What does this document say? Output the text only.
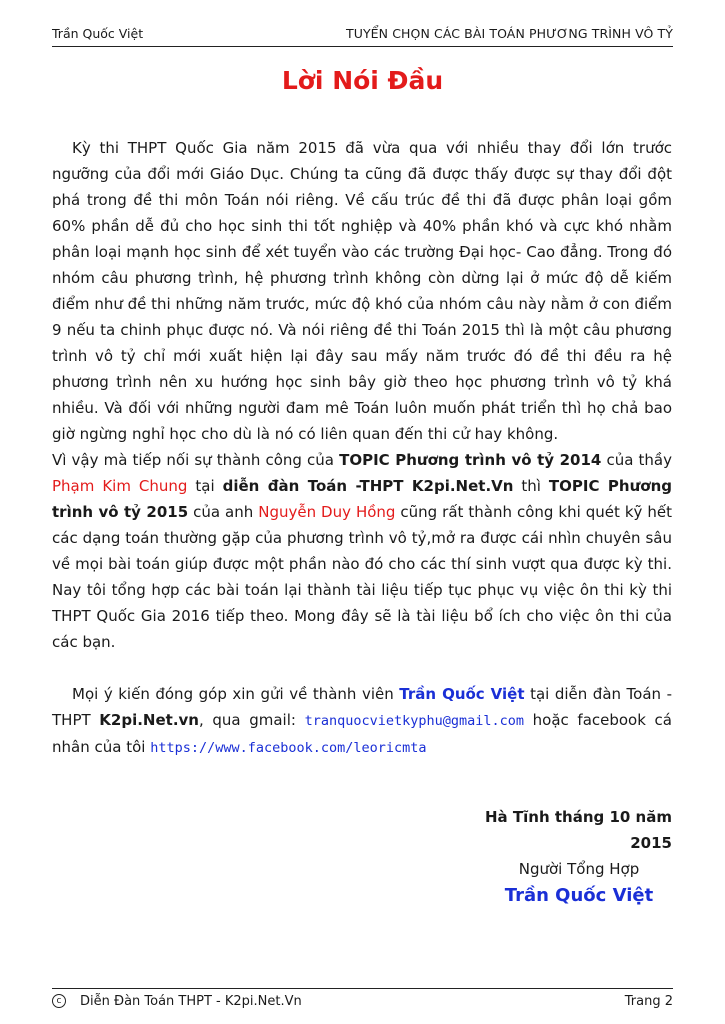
Trần Quốc Việt	TUYỂN CHỌN CÁC BÀI TOÁN PHƯƠNG TRÌNH VÔ TỶ
Lời Nói Đầu

Kỳ thi THPT Quốc Gia năm 2015 đã vừa qua với nhiều thay đổi lớn trước ngưỡng của đổi mới Giáo Dục. Chúng ta cũng đã được thấy được sự thay đổi đột phá trong đề thi môn Toán nói riêng. Về cấu trúc đề thi đã được phân loại gồm 60% phần dễ đủ cho học sinh thi tốt nghiệp và 40% phần khó và cực khó nhằm phân loại mạnh học sinh để xét tuyển vào các trường Đại học- Cao đẳng. Trong đó nhóm câu phương trình, hệ phương trình không còn dừng lại ở mức độ dễ kiếm điểm như đề thi những năm trước, mức độ khó của nhóm câu này nằm ở con điểm 9 nếu ta chinh phục được nó. Và nói riêng đề thi Toán 2015 thì là một câu phương trình vô tỷ chỉ mới xuất hiện lại đây sau mấy năm trước đó đề thi đều ra hệ phương trình nên xu hướng học sinh bây giờ theo học phương trình vô tỷ khá nhiều. Và đối với những người đam mê Toán luôn muốn phát triển thì họ chả bao giờ ngừng nghỉ học cho dù là nó có liên quan đến thi cử hay không.

Vì vậy mà tiếp nối sự thành công của TOPIC Phương trình vô tỷ 2014 của thầy Phạm Kim Chung tại diễn đàn Toán -THPT K2pi.Net.Vn thì TOPIC Phương trình vô tỷ 2015 của anh Nguyễn Duy Hồng cũng rất thành công khi quét kỹ hết các dạng toán thường gặp của phương trình vô tỷ,mở ra được cái nhìn chuyên sâu về mọi bài toán giúp được một phần nào đó cho các thí sinh vượt qua được kỳ thi. Nay tôi tổng hợp các bài toán lại thành tài liệu tiếp tục phục vụ việc ôn thi kỳ thi THPT Quốc Gia 2016 tiếp theo. Mong đây sẽ là tài liệu bổ ích cho việc ôn thi của các bạn.

Mọi ý kiến đóng góp xin gửi về thành viên Trần Quốc Việt tại diễn đàn Toán - THPT K2pi.Net.vn, qua gmail: tranquocvietkyphu@gmail.com hoặc facebook cá nhân của tôi https://www.facebook.com/leoricmta

Hà Tĩnh tháng 10 năm 2015
Người Tổng Hợp
Trần Quốc Việt
c Diễn Đàn Toán THPT - K2pi.Net.Vn	Trang 2
